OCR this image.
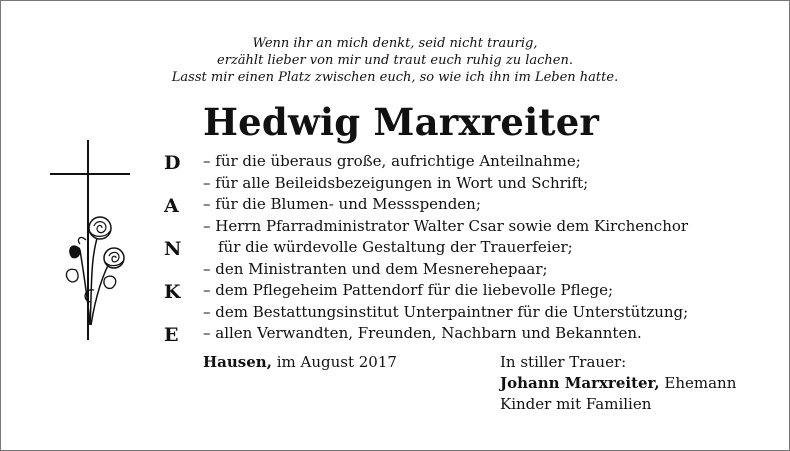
Wenn ihr an mich denkt, seid nicht traurig,
erzählt lieber von mir und traut euch ruhig zu lachen.
Lasst mir einen Platz zwischen euch, so wie ich ihn im Leben hatte.
Hedwig Marxreiter
D
A
N
K
E
– für die überaus große, aufrichtige Anteilnahme;
– für alle Beileidsbezeigungen in Wort und Schrift;
– für die Blumen- und Messspenden;
– Herrn Pfarradministrator Walter Csar sowie dem Kirchenchor
für die würdevolle Gestaltung der Trauerfeier;
– den Ministranten und dem Mesnerehepaar;
– dem Pflegeheim Pattendorf für die liebevolle Pflege;
– dem Bestattungsinstitut Unterpaintner für die Unterstützung;
– allen Verwandten, Freunden, Nachbarn und Bekannten.
Hausen, im August 2017	In stiller Trauer:
Johann Marxreiter, Ehemann
Kinder mit Familien
